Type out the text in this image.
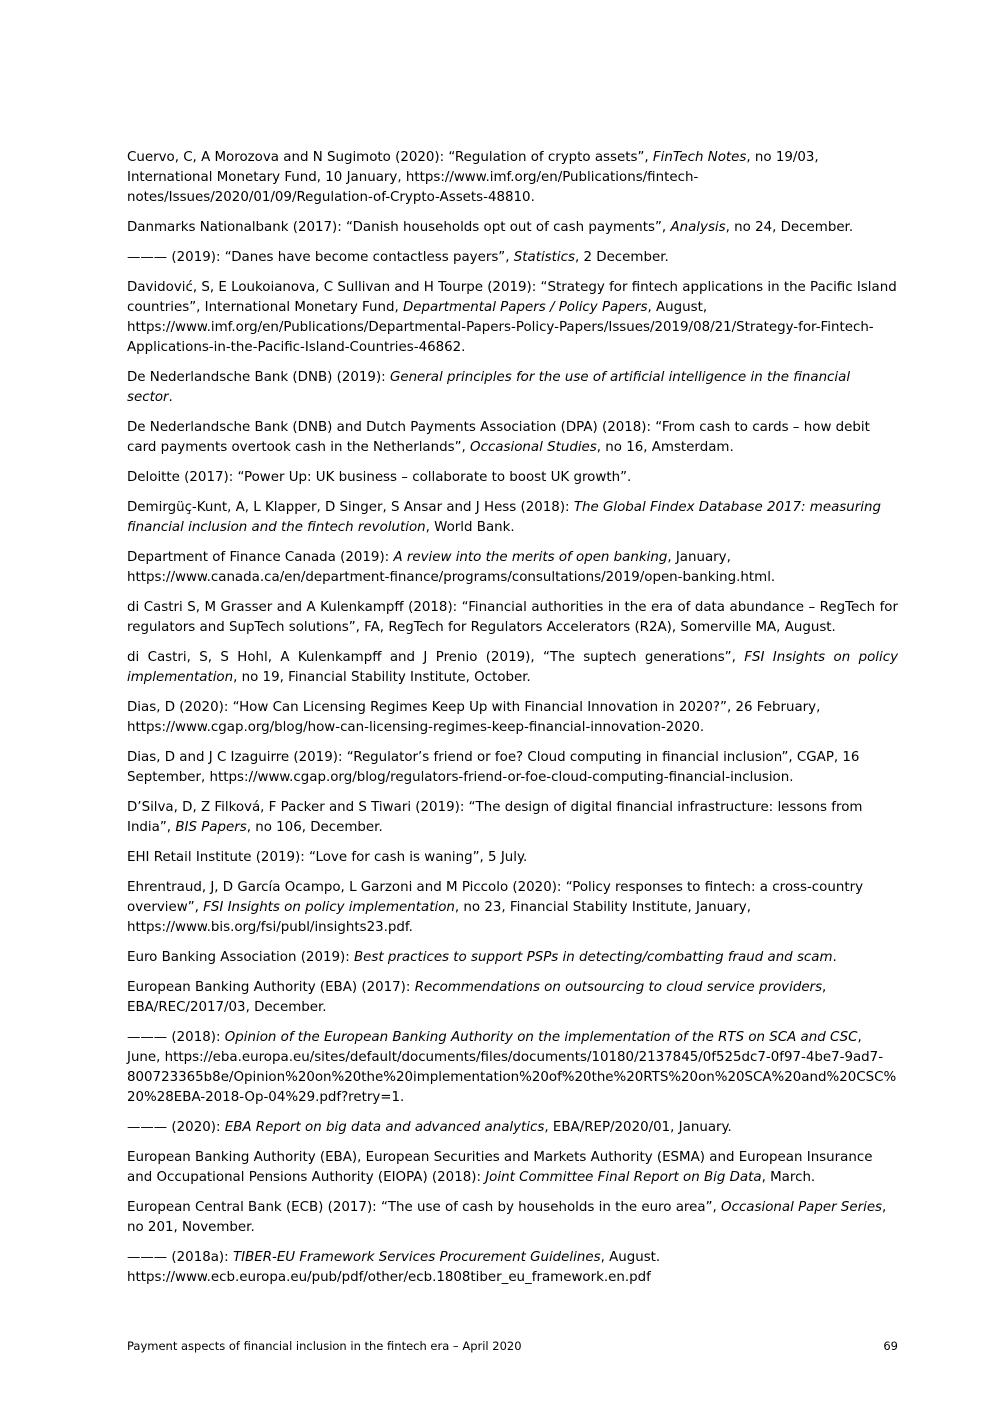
Cuervo, C, A Morozova and N Sugimoto (2020): “Regulation of crypto assets”, FinTech Notes, no 19/03, International Monetary Fund, 10 January, https://www.imf.org/en/Publications/fintech-notes/Issues/2020/01/09/Regulation-of-Crypto-Assets-48810.

Danmarks Nationalbank (2017): “Danish households opt out of cash payments”, Analysis, no 24, December.

——— (2019): “Danes have become contactless payers”, Statistics, 2 December.

Davidović, S, E Loukoianova, C Sullivan and H Tourpe (2019): “Strategy for fintech applications in the Pacific Island countries”, International Monetary Fund, Departmental Papers / Policy Papers, August, https://www.imf.org/en/Publications/Departmental-Papers-Policy-Papers/Issues/2019/08/21/Strategy-for-Fintech-Applications-in-the-Pacific-Island-Countries-46862.

De Nederlandsche Bank (DNB) (2019): General principles for the use of artificial intelligence in the financial sector.

De Nederlandsche Bank (DNB) and Dutch Payments Association (DPA) (2018): “From cash to cards – how debit card payments overtook cash in the Netherlands”, Occasional Studies, no 16, Amsterdam.

Deloitte (2017): “Power Up: UK business – collaborate to boost UK growth”.

Demirgüç-Kunt, A, L Klapper, D Singer, S Ansar and J Hess (2018): The Global Findex Database 2017: measuring financial inclusion and the fintech revolution, World Bank.

Department of Finance Canada (2019): A review into the merits of open banking, January, https://www.canada.ca/en/department-finance/programs/consultations/2019/open-banking.html.

di Castri S, M Grasser and A Kulenkampff (2018): “Financial authorities in the era of data abundance – RegTech for regulators and SupTech solutions”, FA, RegTech for Regulators Accelerators (R2A), Somerville MA, August.

di Castri, S, S Hohl, A Kulenkampff and J Prenio (2019), “The suptech generations”, FSI Insights on policy implementation, no 19, Financial Stability Institute, October.

Dias, D (2020): “How Can Licensing Regimes Keep Up with Financial Innovation in 2020?”, 26 February, https://www.cgap.org/blog/how-can-licensing-regimes-keep-financial-innovation-2020.

Dias, D and J C Izaguirre (2019): “Regulator’s friend or foe? Cloud computing in financial inclusion”, CGAP, 16 September, https://www.cgap.org/blog/regulators-friend-or-foe-cloud-computing-financial-inclusion.

D’Silva, D, Z Filková, F Packer and S Tiwari (2019): “The design of digital financial infrastructure: lessons from India”, BIS Papers, no 106, December.

EHI Retail Institute (2019): “Love for cash is waning”, 5 July.

Ehrentraud, J, D García Ocampo, L Garzoni and M Piccolo (2020): “Policy responses to fintech: a cross-country overview”, FSI Insights on policy implementation, no 23, Financial Stability Institute, January, https://www.bis.org/fsi/publ/insights23.pdf.

Euro Banking Association (2019): Best practices to support PSPs in detecting/combatting fraud and scam.

European Banking Authority (EBA) (2017): Recommendations on outsourcing to cloud service providers, EBA/REC/2017/03, December.

——— (2018): Opinion of the European Banking Authority on the implementation of the RTS on SCA and CSC, June, https://eba.europa.eu/sites/default/documents/files/documents/10180/2137845/0f525dc7-0f97-4be7-9ad7-800723365b8e/Opinion%20on%20the%20implementation%20of%20the%20RTS%20on%20SCA%20and%20CSC%20%28EBA-2018-Op-04%29.pdf?retry=1.

——— (2020): EBA Report on big data and advanced analytics, EBA/REP/2020/01, January.

European Banking Authority (EBA), European Securities and Markets Authority (ESMA) and European Insurance and Occupational Pensions Authority (EIOPA) (2018): Joint Committee Final Report on Big Data, March.

European Central Bank (ECB) (2017): “The use of cash by households in the euro area”, Occasional Paper Series, no 201, November.

——— (2018a): TIBER-EU Framework Services Procurement Guidelines, August. https://www.ecb.europa.eu/pub/pdf/other/ecb.1808tiber_eu_framework.en.pdf

Payment aspects of financial inclusion in the fintech era – April 2020	69
